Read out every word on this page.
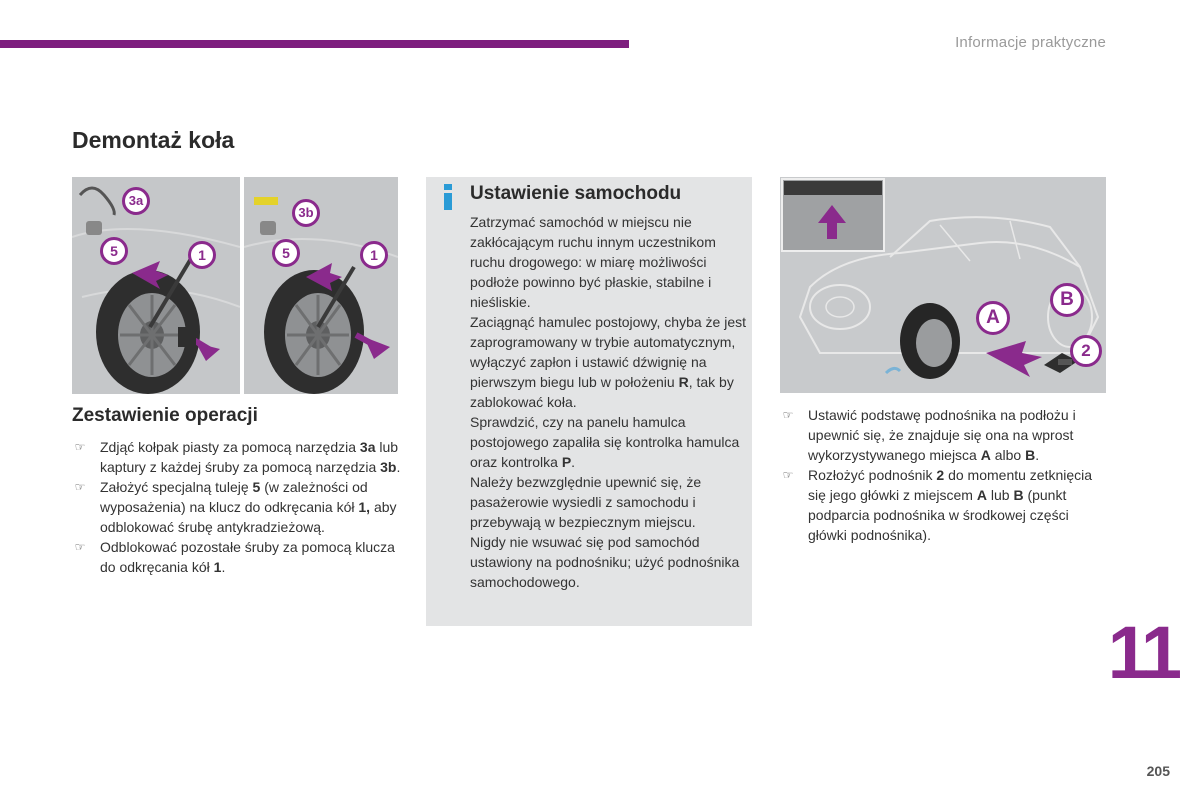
Informacje praktyczne
Demontaż koła
3a
5	1
3b
5	1
Zestawienie operacji
☞ Zdjąć kołpak piasty za pomocą narzędzia 3a lub kaptury z każdej śruby za pomocą narzędzia 3b.
☞ Założyć specjalną tuleję 5 (w zależności od wyposażenia) na klucz do odkręcania kół 1, aby odblokować śrubę antykradzieżową.
☞ Odblokować pozostałe śruby za pomocą klucza do odkręcania kół 1.
Ustawienie samochodu

Zatrzymać samochód w miejscu nie zakłócającym ruchu innym uczestnikom ruchu drogowego: w miarę możliwości podłoże powinno być płaskie, stabilne i nieśliskie.

Zaciągnąć hamulec postojowy, chyba że jest zaprogramowany w trybie automatycznym, wyłączyć zapłon i ustawić dźwignię na pierwszym biegu lub w położeniu R, tak by zablokować koła.

Sprawdzić, czy na panelu hamulca postojowego zapaliła się kontrolka hamulca oraz kontrolka P.

Należy bezwzględnie upewnić się, że pasażerowie wysiedli z samochodu i przebywają w bezpiecznym miejscu.

Nigdy nie wsuwać się pod samochód ustawiony na podnośniku; użyć podnośnika samochodowego.

A
B
2
☞ Ustawić podstawę podnośnika na podłożu i upewnić się, że znajduje się ona na wprost wykorzystywanego miejsca A albo B.
☞ Rozłożyć podnośnik 2 do momentu zetknięcia się jego główki z miejscem A lub B (punkt podparcia podnośnika w środkowej części główki podnośnika).
11
205
